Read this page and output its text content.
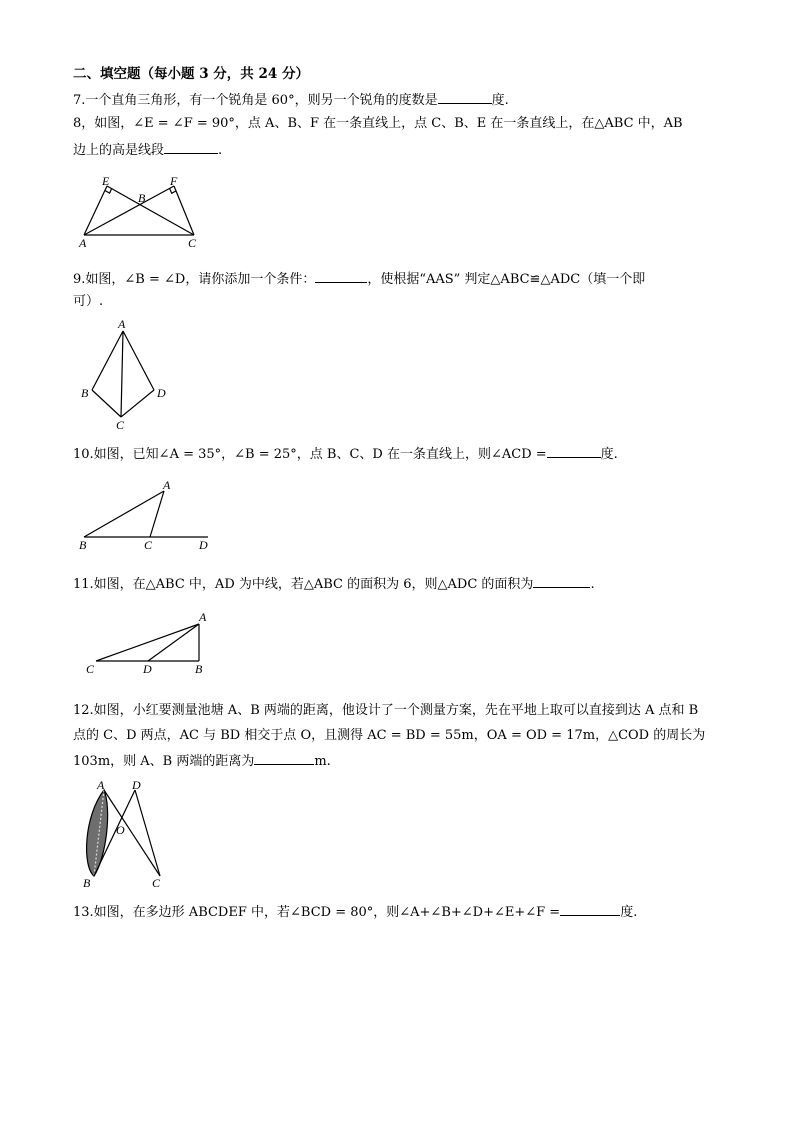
二、填空题（每小题 3 分，共 24 分）
7.一个直角三角形，有一个锐角是 60°，则另一个锐角的度数是	度.
8，如图，∠E = ∠F = 90°，点 A、B、F 在一条直线上，点 C、B、E 在一条直线上，在△ABC 中，AB
边上的高是线段	.
E	F
B
A	C
9.如图，∠B = ∠D，请你添加一个条件：	，使根据“AAS” 判定△ABC≌△ADC（填一个即
可）.
A
B	D
C
10.如图，已知∠A = 35°，∠B = 25°，点 B、C、D 在一条直线上，则∠ACD =	度.
A
B	C	D
11.如图，在△ABC 中，AD 为中线，若△ABC 的面积为 6，则△ADC 的面积为	.
A
C	D	B
12.如图，小红要测量池塘 A、B 两端的距离，他设计了一个测量方案，先在平地上取可以直接到达 A 点和 B
点的 C、D 两点，AC 与 BD 相交于点 O，且测得 AC = BD = 55m，OA = OD = 17m，△COD 的周长为
103m，则 A、B 两端的距离为	m.
A D
O
B	C
13.如图，在多边形 ABCDEF 中，若∠BCD = 80°，则∠A+∠B+∠D+∠E+∠F =	度.
